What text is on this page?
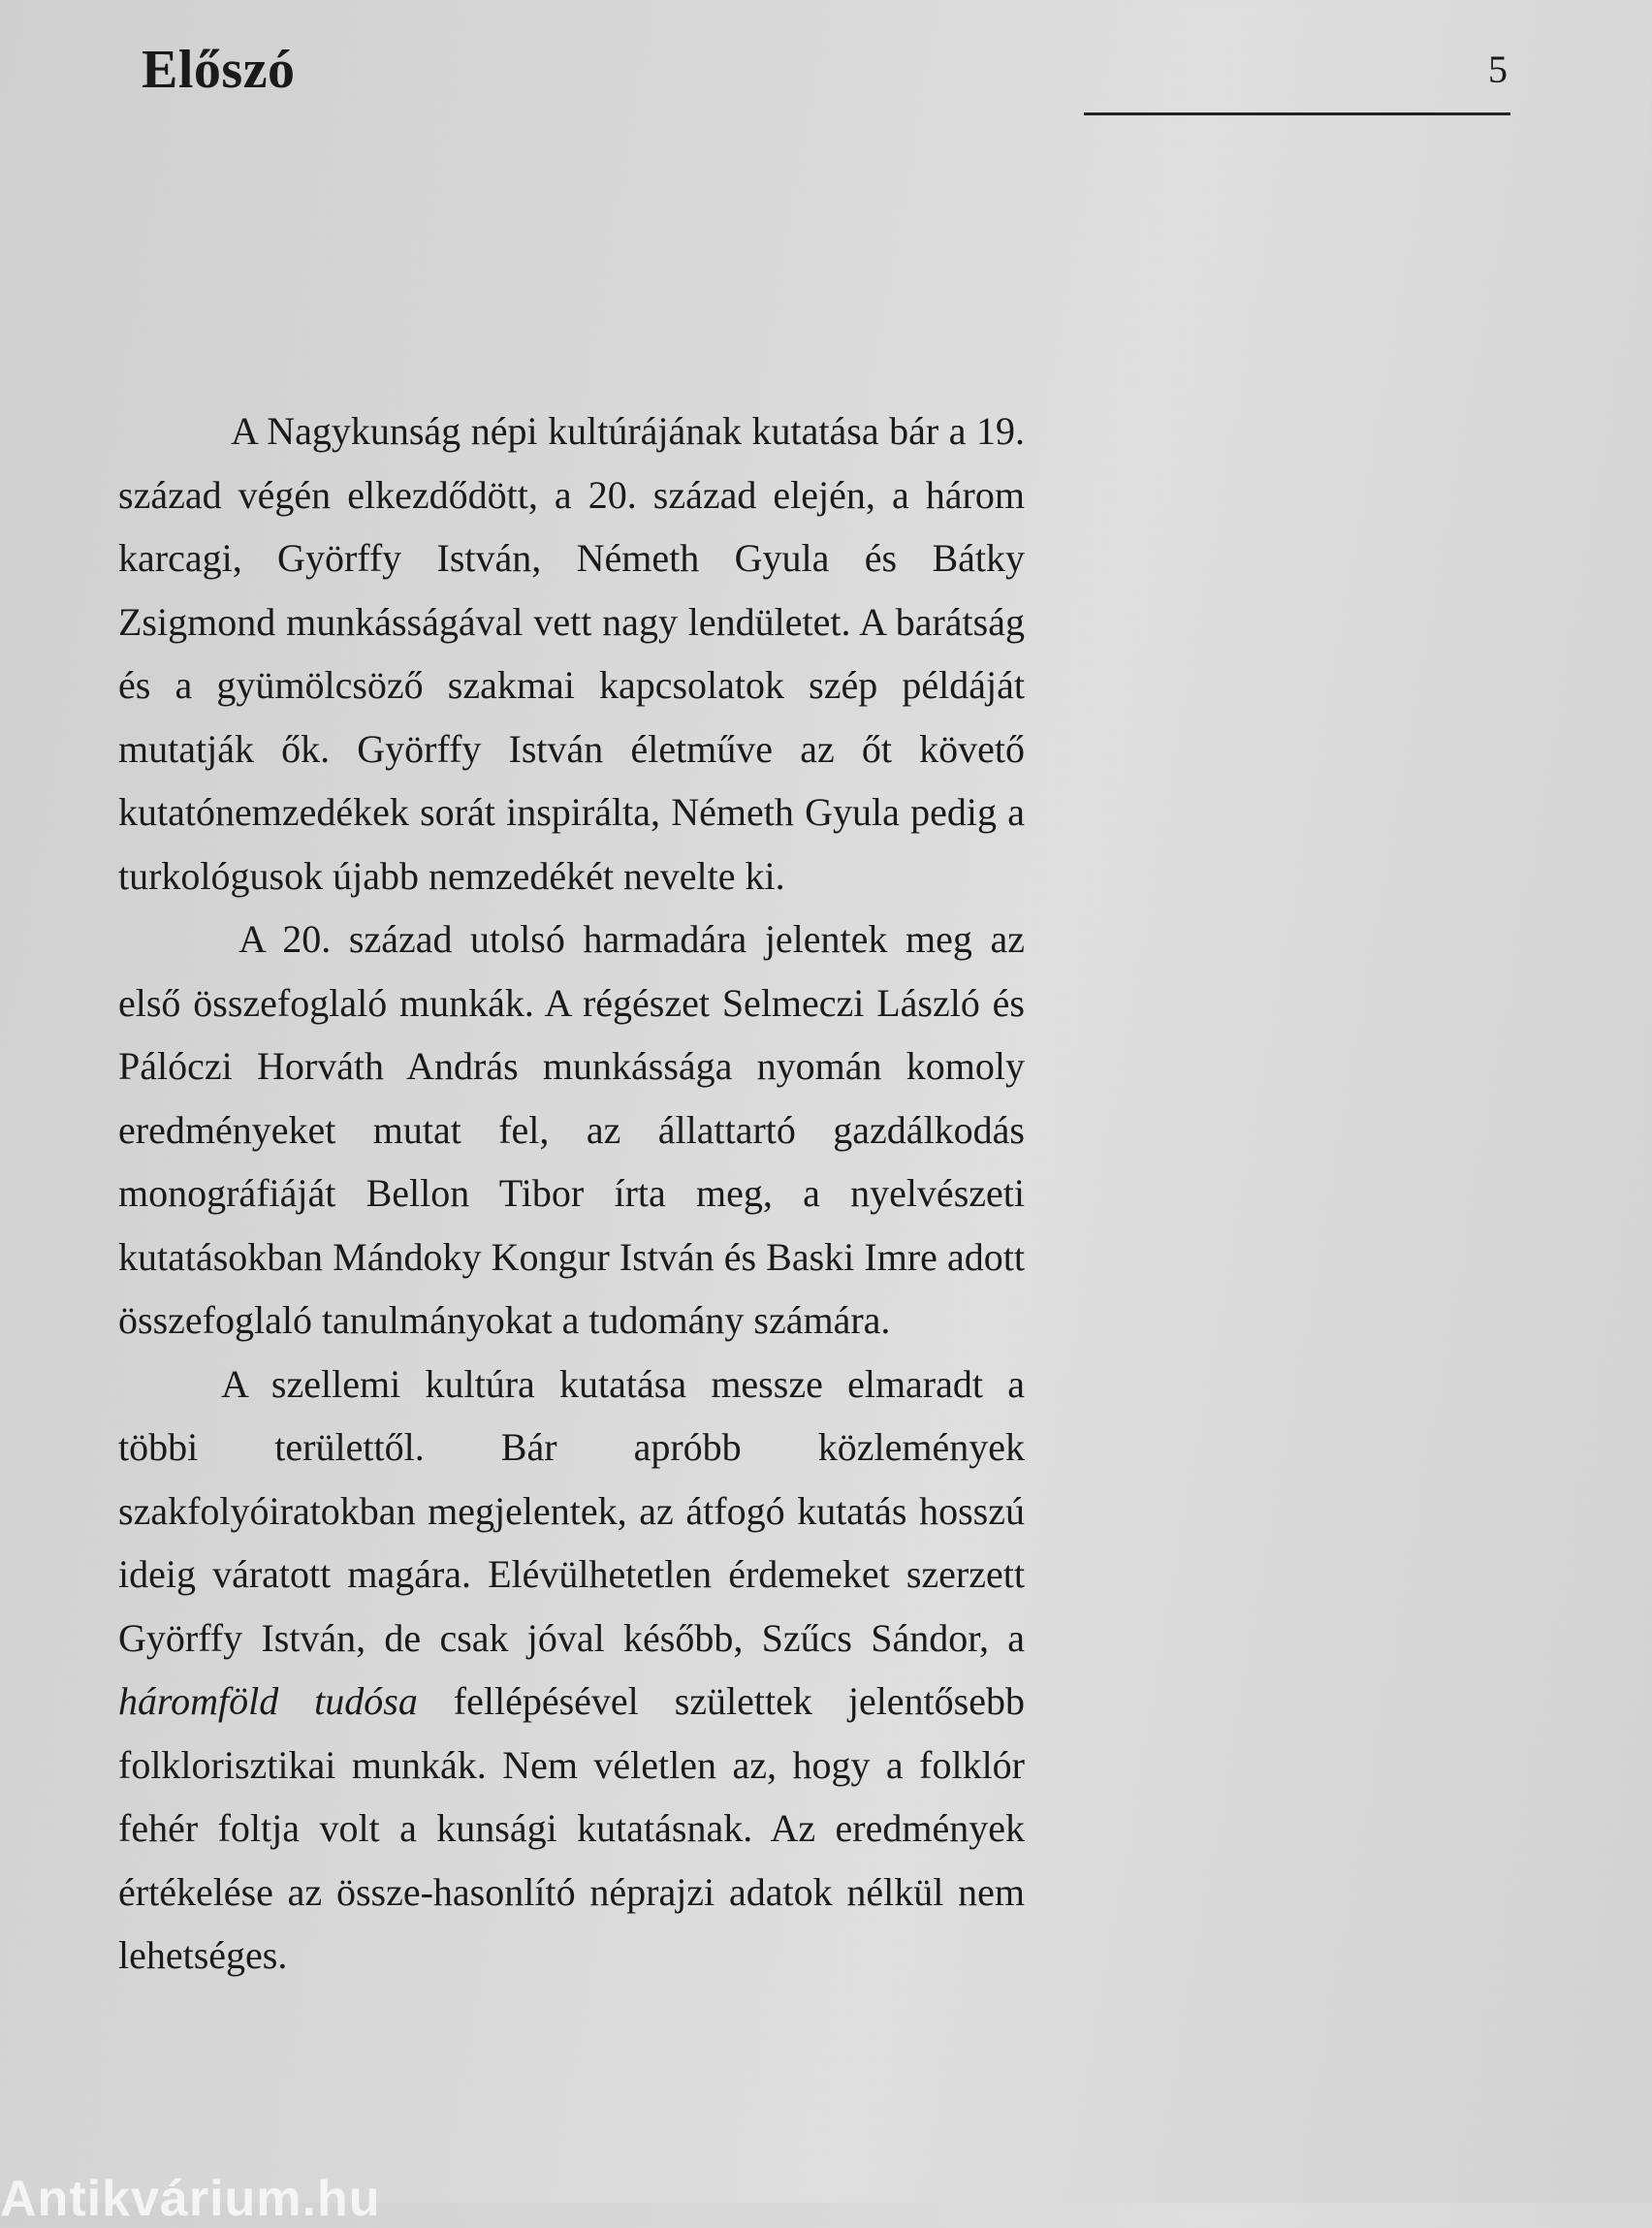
Előszó	5

A Nagykunság népi kultúrájának kutatása bár a 19. század végén elkezdődött, a 20. század elején, a három karcagi, Györffy István, Németh Gyula és Bátky Zsigmond munkásságával vett nagy lendületet. A barátság és a gyümölcsöző szakmai kapcsolatok szép példáját mutatják ők. Györffy István életműve az őt követő kutatónemzedékek sorát inspirálta, Németh Gyula pedig a turkológusok újabb nemzedékét nevelte ki.

A 20. század utolsó harmadára jelentek meg az első összefoglaló munkák. A régészet Selmeczi László és Pálóczi Horváth András munkássága nyomán komoly eredményeket mutat fel, az állattartó gazdálkodás monográfiáját Bellon Tibor írta meg, a nyelvészeti kutatásokban Mándoky Kongur István és Baski Imre adott összefoglaló tanulmányokat a tudomány számára.

A szellemi kultúra kutatása messze elmaradt a többi területtől. Bár apróbb közlemények szakfolyóiratokban megjelentek, az átfogó kutatás hosszú ideig váratott magára. Elévülhetetlen érdemeket szerzett Györffy István, de csak jóval később, Szűcs Sándor, a háromföld tudósa fellépésével születtek jelentősebb folklorisztikai munkák. Nem véletlen az, hogy a folklór fehér foltja volt a kunsági kutatásnak. Az eredmények értékelése az össze-hasonlító néprajzi adatok nélkül nem lehetséges.

Antikvárium.hu
